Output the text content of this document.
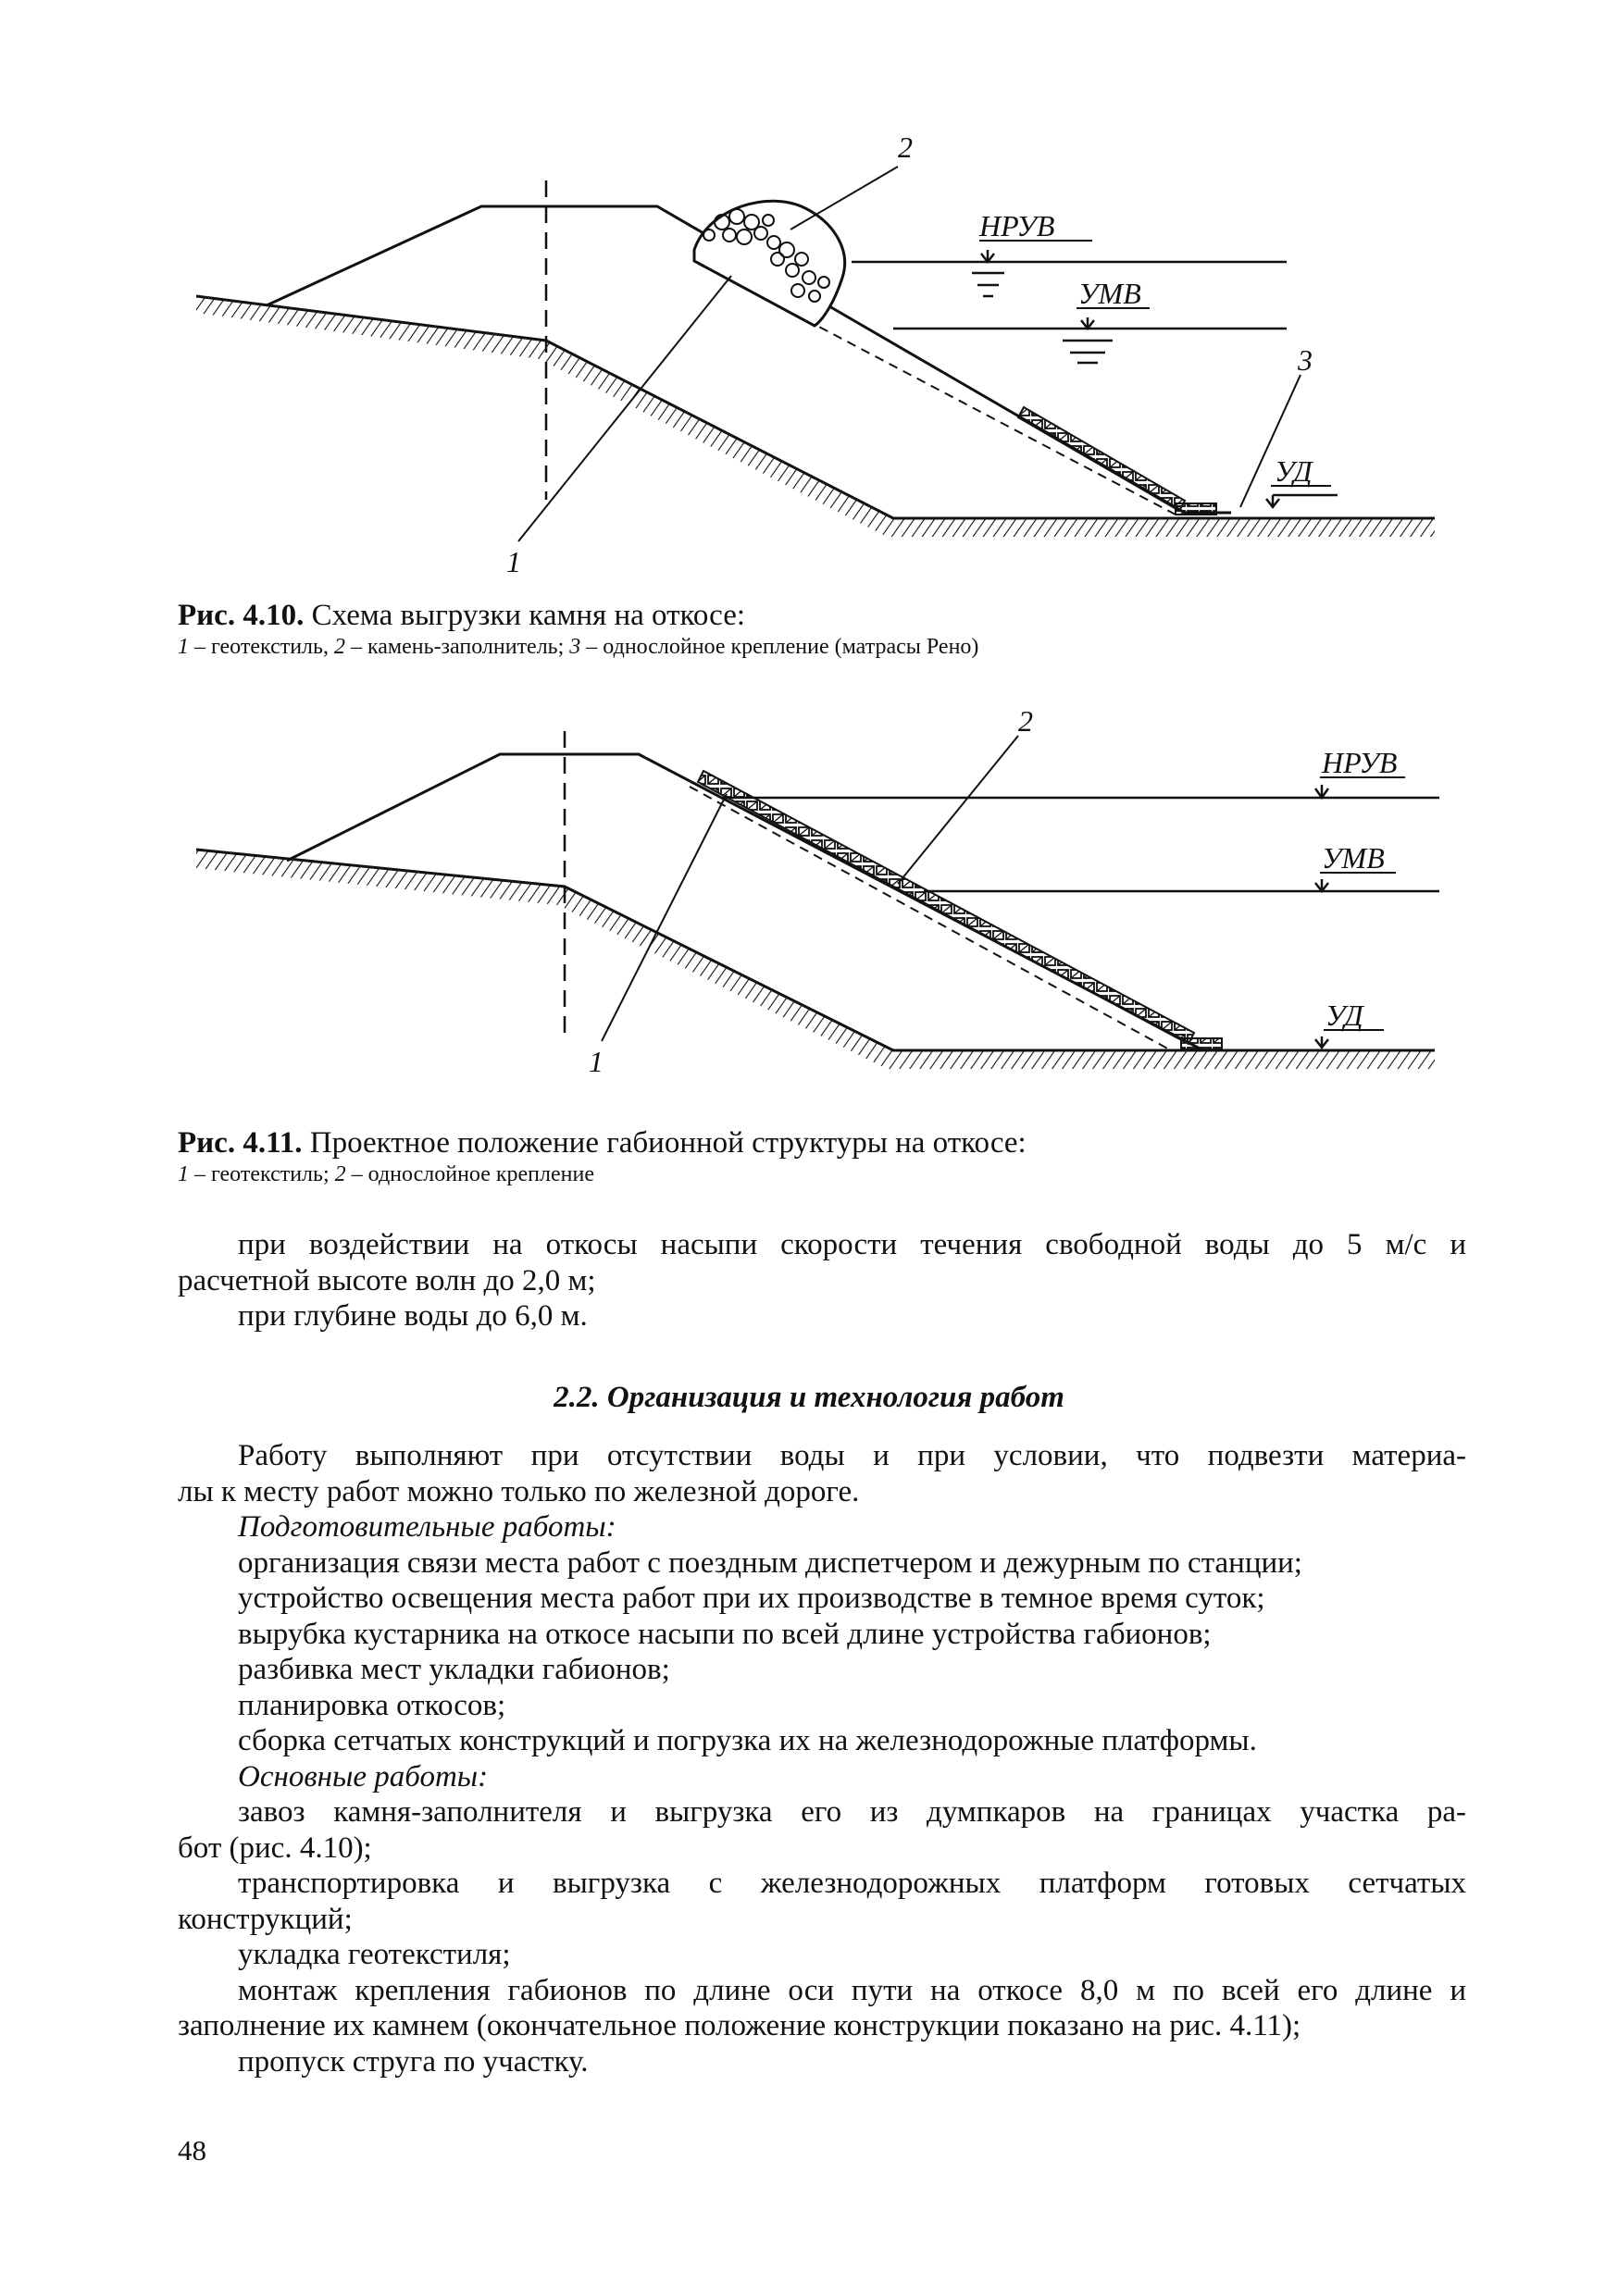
1
2
3
НРУВ
УМВ
УД
Рис. 4.10. Схема выгрузки камня на откосе:
1 – геотекстиль, 2 – камень-заполнитель; 3 – однослойное крепление (матрасы Рено)
1
2
НРУВ
УМВ
УД
Рис. 4.11. Проектное положение габионной структуры на откосе:
1 – геотекстиль; 2 – однослойное крепление
при воздействии на откосы насыпи скорости течения свободной воды до 5 м/с и
расчетной высоте волн до 2,0 м;
при глубине воды до 6,0 м.
2.2. Организация и технология работ
Работу выполняют при отсутствии воды и при условии, что подвезти материа-
лы к месту работ можно только по железной дороге.
Подготовительные работы:
организация связи места работ с поездным диспетчером и дежурным по станции;
устройство освещения места работ при их производстве в темное время суток;
вырубка кустарника на откосе насыпи по всей длине устройства габионов;
разбивка мест укладки габионов;
планировка откосов;
сборка сетчатых конструкций и погрузка их на железнодорожные платформы.
Основные работы:
завоз камня-заполнителя и выгрузка его из думпкаров на границах участка ра-
бот (рис. 4.10);
транспортировка и выгрузка с железнодорожных платформ готовых сетчатых
конструкций;
укладка геотекстиля;
монтаж крепления габионов по длине оси пути на откосе 8,0 м по всей его длине и
заполнение их камнем (окончательное положение конструкции показано на рис. 4.11);
пропуск струга по участку.
48
